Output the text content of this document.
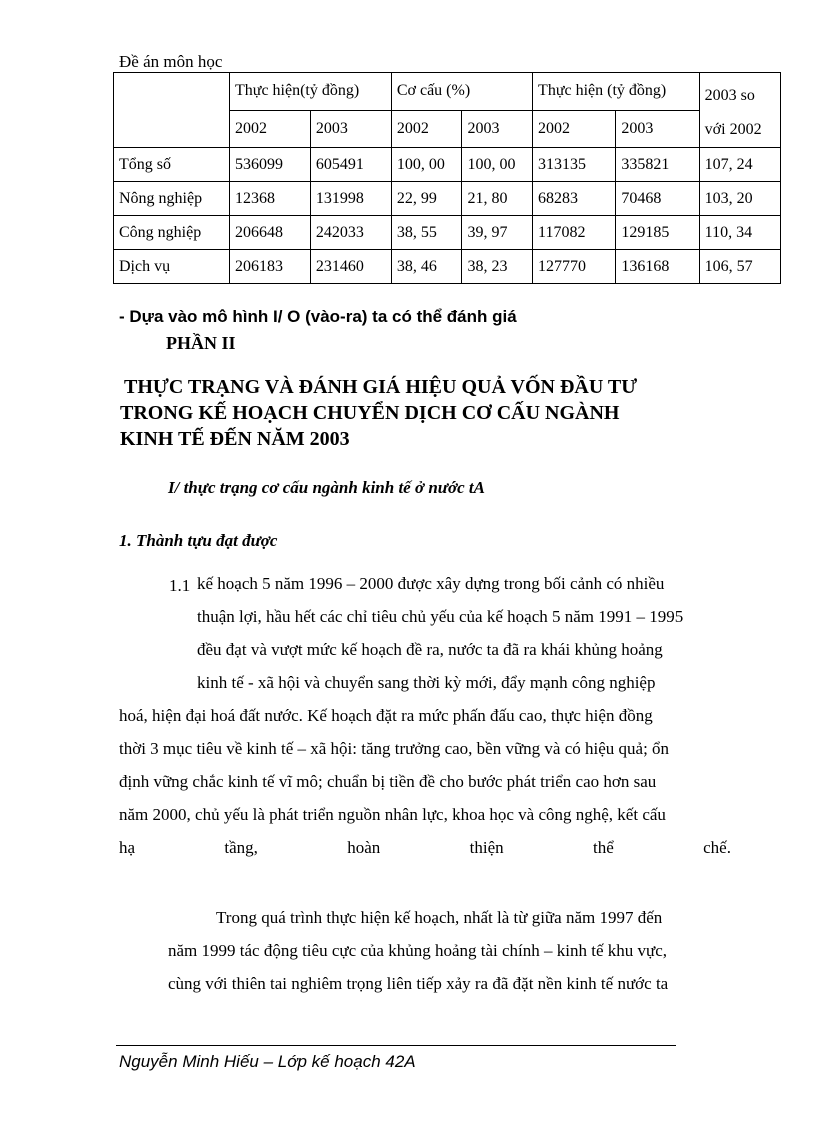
Đề án môn học
	Thực hiện(tỷ đồng)		Cơ cấu (%)		Thực hiện (tỷ đồng)		2003 so
với 2002
	2002	2003	2002	2003	2002	2003	
Tổng số	536099	605491	100, 00	100, 00	313135	335821	107, 24
Nông nghiệp	12368	131998	22, 99	21, 80	68283	70468	103, 20
Công nghiệp	206648	242033	38, 55	39, 97	117082	129185	110, 34
Dịch vụ	206183	231460	38, 46	38, 23	127770	136168	106, 57
- Dựa vào mô hình I/ O (vào-ra) ta có thể đánh giá
PHẦN II
THỰC TRẠNG VÀ ĐÁNH GIÁ HIỆU QUẢ VỐN ĐẦU TƯ
TRONG KẾ HOẠCH CHUYỂN DỊCH CƠ CẤU NGÀNH
KINH TẾ ĐẾN NĂM 2003
I/ thực trạng cơ cấu ngành kinh tế ở nước tA
1. Thành tựu đạt được
1.1 kế hoạch 5 năm 1996 – 2000 được xây dựng trong bối cảnh có nhiều
thuận lợi, hầu hết các chỉ tiêu chủ yếu của kế hoạch 5 năm 1991 – 1995
đều đạt và vượt mức kế hoạch đề ra, nước ta đã ra khái khủng hoảng
kinh tế - xã hội và chuyển sang thời kỳ mới, đẩy mạnh công nghiệp
hoá, hiện đại hoá đất nước. Kế hoạch đặt ra mức phấn đấu cao, thực hiện đồng
thời 3 mục tiêu về kinh tế – xã hội: tăng trưởng cao, bền vững và có hiệu quả; ổn
định vững chắc kinh tế vĩ mô; chuẩn bị tiền đề cho bước phát triển cao hơn sau
năm 2000, chủ yếu là phát triển nguồn nhân lực, khoa học và công nghệ, kết cấu
hạ	tầng,	hoàn	thiện	thể	chế.
Trong quá trình thực hiện kế hoạch, nhất là từ giữa năm 1997 đến
năm 1999 tác động tiêu cực của khủng hoảng tài chính – kinh tế khu vực,
cùng với thiên tai nghiêm trọng liên tiếp xảy ra đã đặt nền kinh tế nước ta
Nguyễn Minh Hiếu – Lớp kế hoạch 42A
